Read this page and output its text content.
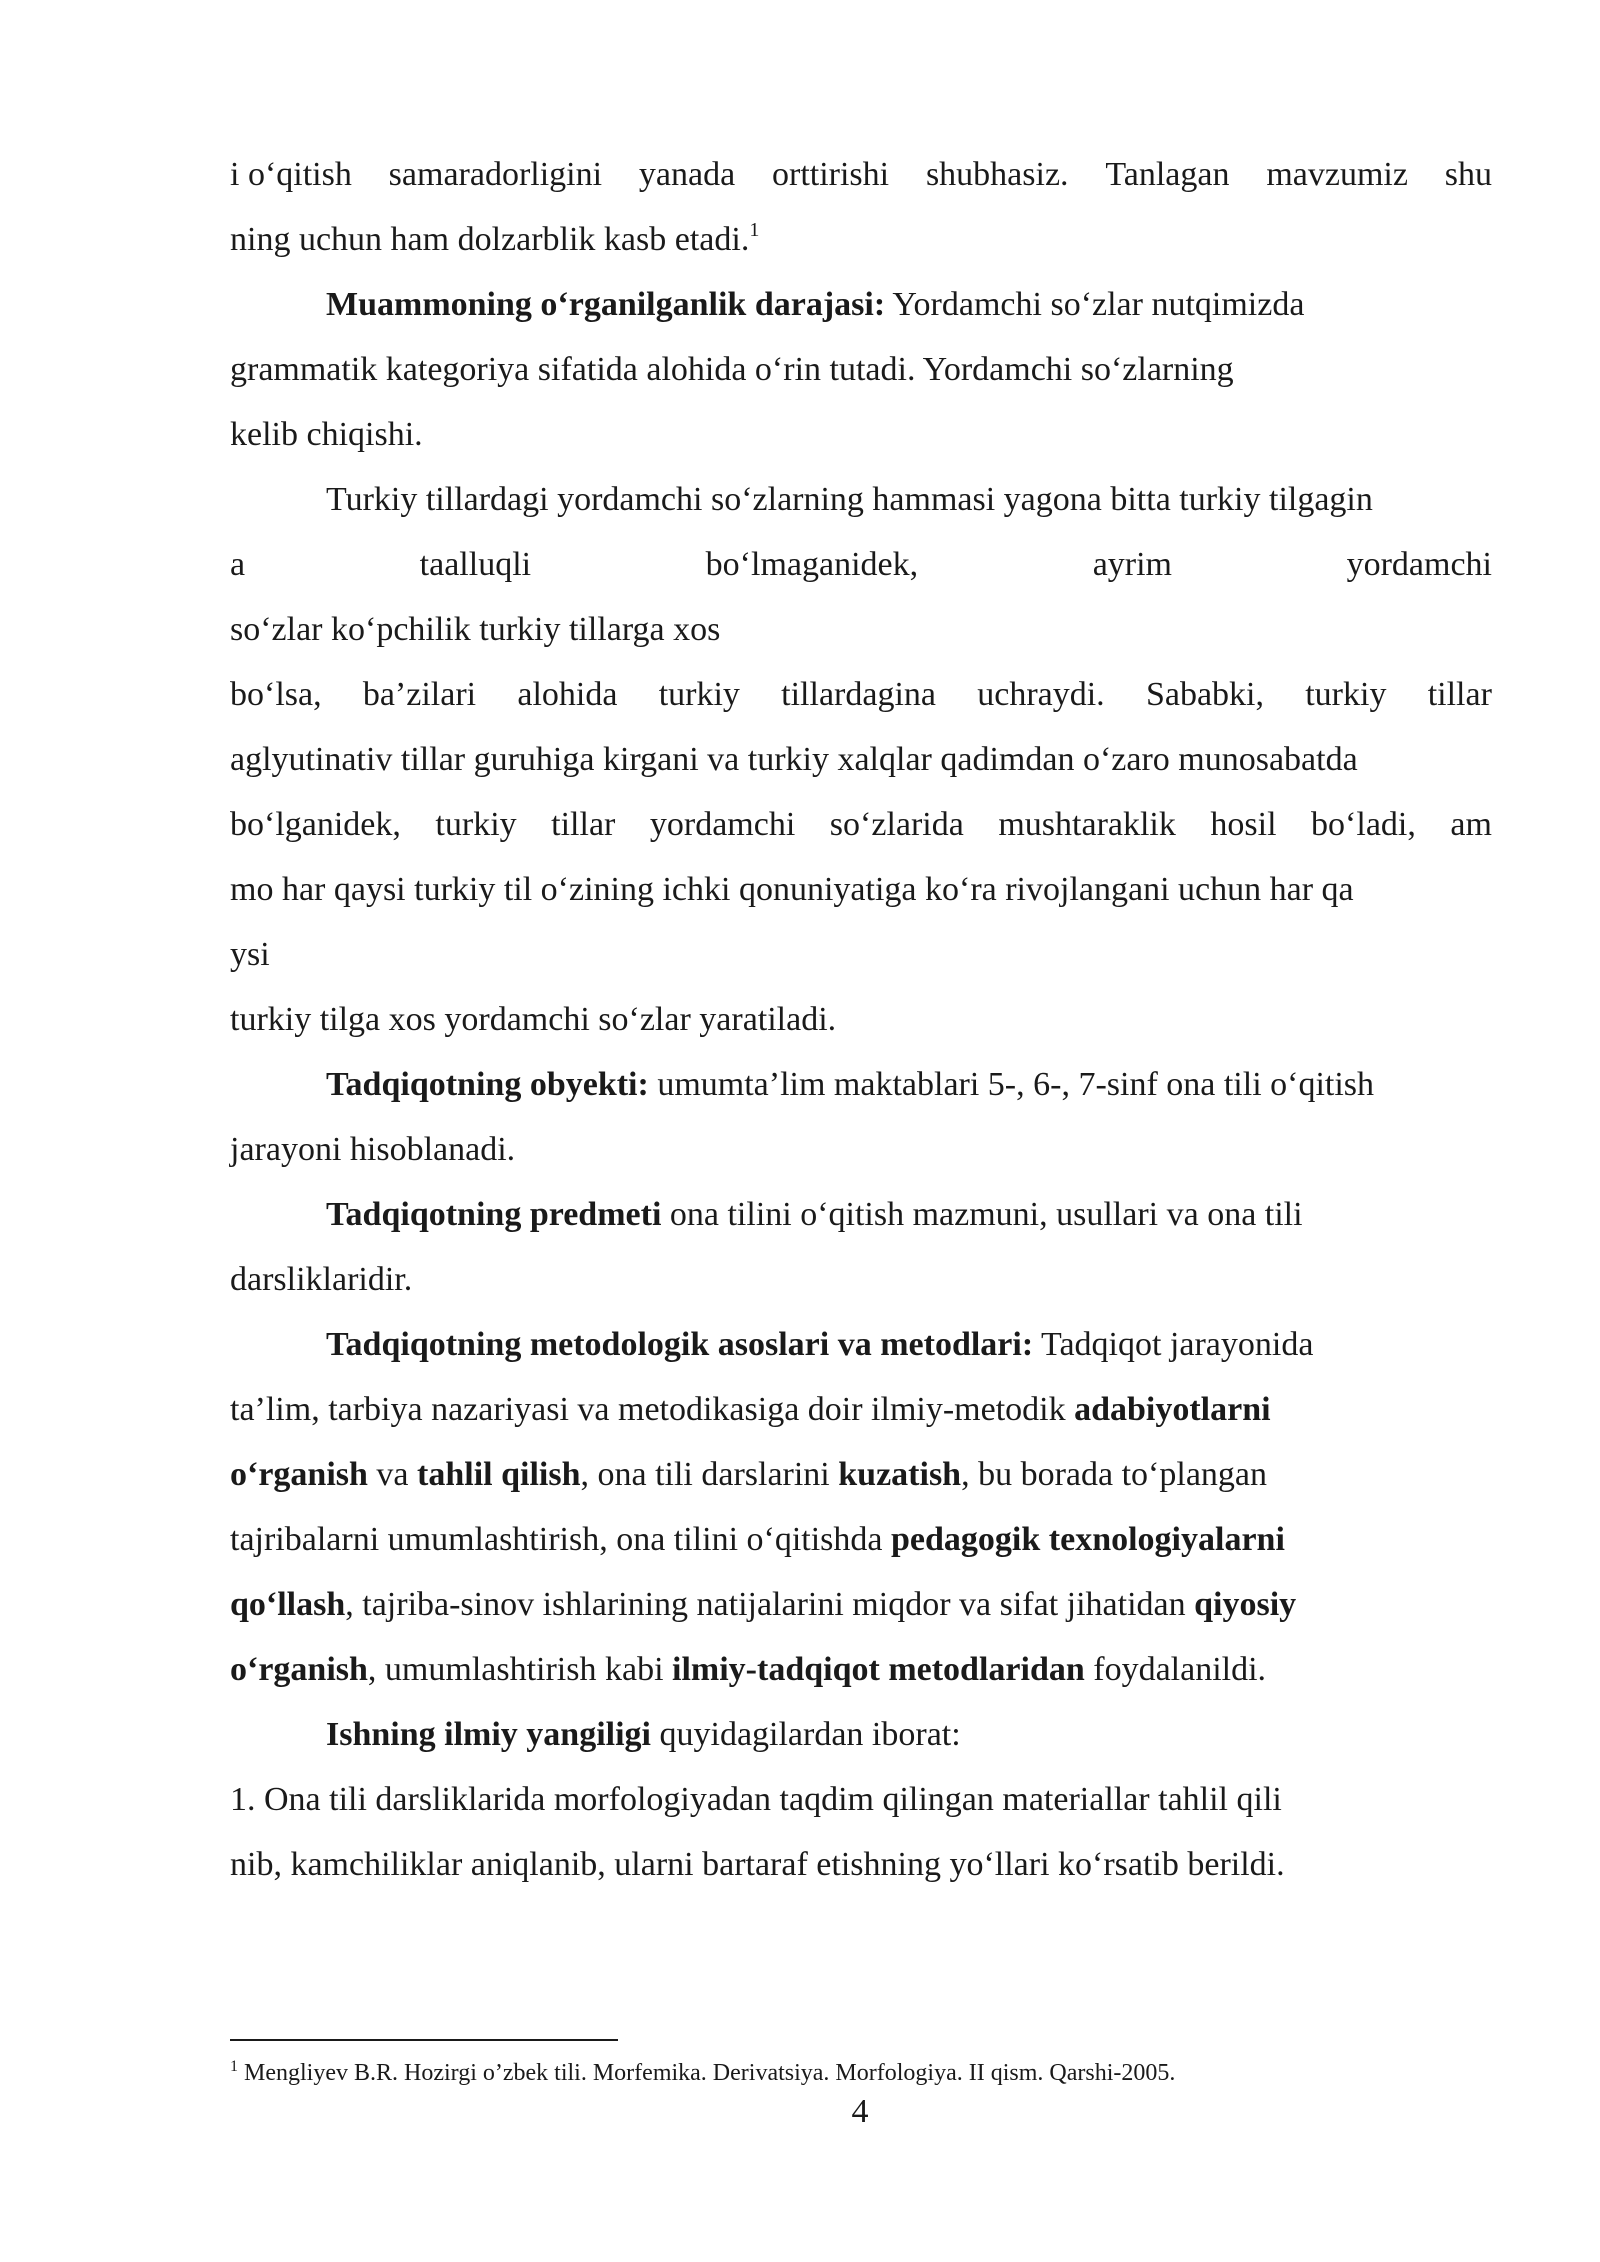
i o‘qitish samaradorligini yanada orttirishi shubhasiz. Tanlagan mavzumiz shu
ning uchun ham dolzarblik kasb etadi.$^1$
Muammoning o‘rganilganlik darajasi: Yordamchi so‘zlar nutqimizda
grammatik kategoriya sifatida alohida o‘rin tutadi. Yordamchi so‘zlarning
kelib chiqishi.
Turkiy tillardagi yordamchi so‘zlarning hammasi yagona bitta turkiy tilgagin
a	taalluqli	bo‘lmaganidek,	ayrim	yordamchi
so‘zlar ko‘pchilik turkiy tillarga xos
bo‘lsa, ba’zilari alohida turkiy tillardagina uchraydi. Sababki, turkiy tillar
aglyutinativ tillar guruhiga kirgani va turkiy xalqlar qadimdan o‘zaro munosabatda
bo‘lganidek, turkiy tillar yordamchi so‘zlarida mushtaraklik hosil bo‘ladi, am
mo har qaysi turkiy til o‘zining ichki qonuniyatiga ko‘ra rivojlangani uchun har qa
ysi
turkiy tilga xos yordamchi so‘zlar yaratiladi.
Tadqiqotning obyekti: umumta’lim maktablari 5-, 6-, 7-sinf ona tili o‘qitish
jarayoni hisoblanadi.
Tadqiqotning predmeti ona tilini o‘qitish mazmuni, usullari va ona tili
darsliklaridir.
Tadqiqotning metodologik asoslari va metodlari: Tadqiqot jarayonida
ta’lim, tarbiya nazariyasi va metodikasiga doir ilmiy-metodik adabiyotlarni
o‘rganish va tahlil qilish, ona tili darslarini kuzatish, bu borada to‘plangan
tajribalarni umumlashtirish, ona tilini o‘qitishda pedagogik texnologiyalarni
qo‘llash, tajriba-sinov ishlarining natijalarini miqdor va sifat jihatidan qiyosiy
o‘rganish, umumlashtirish kabi ilmiy-tadqiqot metodlaridan foydalanildi.
Ishning ilmiy yangiligi quyidagilardan iborat:
1. Ona tili darsliklarida morfologiyadan taqdim qilingan materiallar tahlil qili
nib, kamchiliklar aniqlanib, ularni bartaraf etishning yo‘llari ko‘rsatib berildi.
$^1$ Mengliyev B.R. Hozirgi o’zbek tili. Morfemika. Derivatsiya. Morfologiya. II qism. Qarshi-2005.
4
